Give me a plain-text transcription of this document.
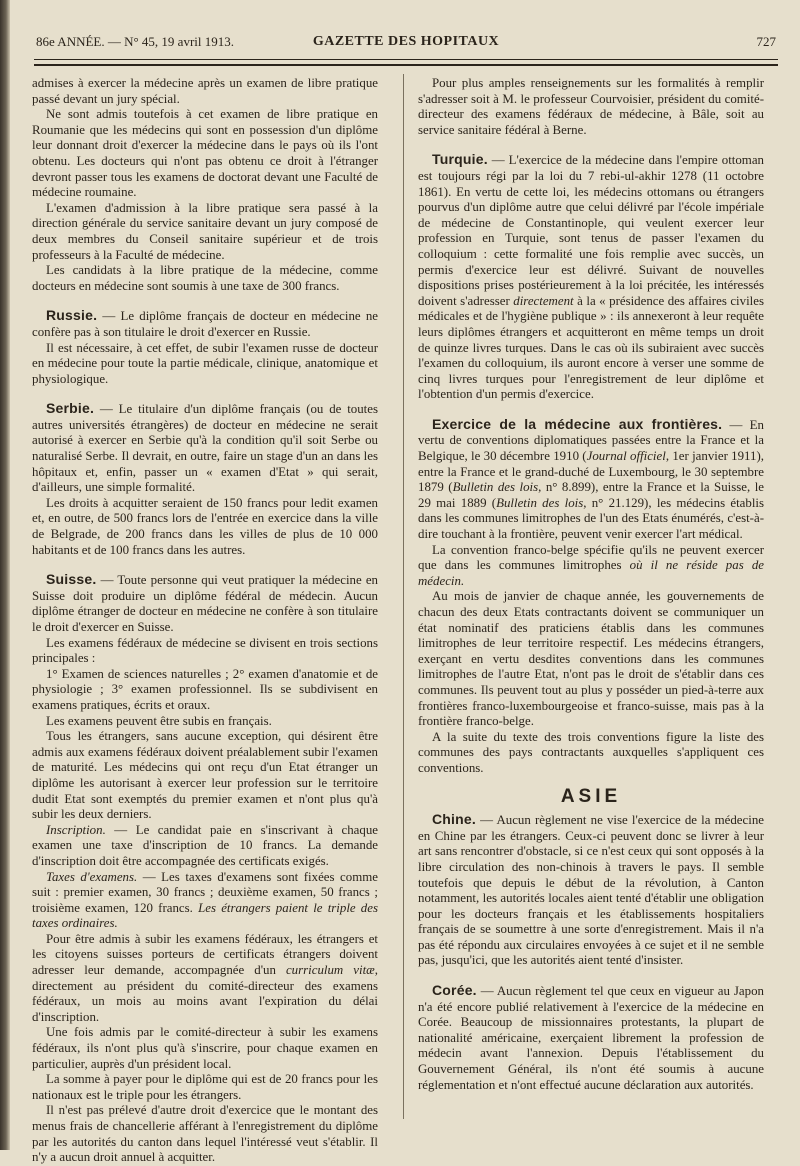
86e ANNÉE. — N° 45, 19 avril 1913.	GAZETTE DES HOPITAUX	727

admises à exercer la médecine après un examen de libre pratique passé devant un jury spécial.

Ne sont admis toutefois à cet examen de libre pratique en Roumanie que les médecins qui sont en possession d'un diplôme leur donnant droit d'exercer la médecine dans le pays où ils l'ont obtenu. Les docteurs qui n'ont pas obtenu ce droit à l'étranger devront passer tous les examens de doctorat devant une Faculté de médecine roumaine.

L'examen d'admission à la libre pratique sera passé à la direction générale du service sanitaire devant un jury composé de deux membres du Conseil sanitaire supérieur et de trois professeurs à la Faculté de médecine.

Les candidats à la libre pratique de la médecine, comme docteurs en médecine sont soumis à une taxe de 300 francs.

Russie. — Le diplôme français de docteur en médecine ne confère pas à son titulaire le droit d'exercer en Russie.

Il est nécessaire, à cet effet, de subir l'examen russe de docteur en médecine pour toute la partie médicale, clinique, anatomique et physiologique.

Serbie. — Le titulaire d'un diplôme français (ou de toutes autres universités étrangères) de docteur en médecine ne serait autorisé à exercer en Serbie qu'à la condition qu'il soit Serbe ou naturalisé Serbe. Il devrait, en outre, faire un stage d'un an dans les hôpitaux et, enfin, passer un « examen d'Etat » qui serait, d'ailleurs, une simple formalité.

Les droits à acquitter seraient de 150 francs pour ledit examen et, en outre, de 500 francs lors de l'entrée en exercice dans la ville de Belgrade, de 200 francs dans les villes de plus de 10 000 habitants et de 100 francs dans les autres.

Suisse. — Toute personne qui veut pratiquer la médecine en Suisse doit produire un diplôme fédéral de médecin. Aucun diplôme étranger de docteur en médecine ne confère à son titulaire le droit d'exercer en Suisse.

Les examens fédéraux de médecine se divisent en trois sections principales :

1° Examen de sciences naturelles ; 2° examen d'anatomie et de physiologie ; 3° examen professionnel. Ils se subdivisent en examens pratiques, écrits et oraux.

Les examens peuvent être subis en français.

Tous les étrangers, sans aucune exception, qui désirent être admis aux examens fédéraux doivent préalablement subir l'examen de maturité. Les médecins qui ont reçu d'un Etat étranger un diplôme les autorisant à exercer leur profession sur le territoire dudit Etat sont exemptés du premier examen et n'ont plus qu'à subir les deux derniers.

Inscription. — Le candidat paie en s'inscrivant à chaque examen une taxe d'inscription de 10 francs. La demande d'inscription doit être accompagnée des certificats exigés.

Taxes d'examens. — Les taxes d'examens sont fixées comme suit : premier examen, 30 francs ; deuxième examen, 50 francs ; troisième examen, 120 francs. Les étrangers paient le triple des taxes ordinaires.

Pour être admis à subir les examens fédéraux, les étrangers et les citoyens suisses porteurs de certificats étrangers doivent adresser leur demande, accompagnée d'un curriculum vitæ, directement au président du comité-directeur des examens fédéraux, un mois au moins avant l'expiration du délai d'inscription.

Une fois admis par le comité-directeur à subir les examens fédéraux, ils n'ont plus qu'à s'inscrire, pour chaque examen en particulier, auprès d'un président local.

La somme à payer pour le diplôme qui est de 20 francs pour les nationaux est le triple pour les étrangers.

Il n'est pas prélevé d'autre droit d'exercice que le montant des menus frais de chancellerie afférant à l'enregistrement du diplôme par les autorités du canton dans lequel l'intéressé veut s'établir. Il n'y a aucun droit annuel à acquitter.

Pour plus amples renseignements sur les formalités à remplir s'adresser soit à M. le professeur Courvoisier, président du comité-directeur des examens fédéraux de médecine, à Bâle, soit au service sanitaire fédéral à Berne.

Turquie. — L'exercice de la médecine dans l'empire ottoman est toujours régi par la loi du 7 rebi-ul-akhir 1278 (11 octobre 1861). En vertu de cette loi, les médecins ottomans ou étrangers pourvus d'un diplôme autre que celui délivré par l'école impériale de médecine de Constantinople, qui veulent exercer leur profession en Turquie, sont tenus de passer l'examen du colloquium : cette formalité une fois remplie avec succès, un permis d'exercice leur est délivré. Suivant de nouvelles dispositions prises postérieurement à la loi précitée, les intéressés doivent s'adresser directement à la « présidence des affaires civiles médicales et de l'hygiène publique » : ils annexeront à leur requête leurs diplômes étrangers et acquitteront en même temps un droit de quinze livres turques. Dans le cas où ils subiraient avec succès l'examen du colloquium, ils auront encore à verser une somme de cinq livres turques pour l'enregistrement de leur diplôme et l'obtention d'un permis d'exercice.

Exercice de la médecine aux frontières. — En vertu de conventions diplomatiques passées entre la France et la Belgique, le 30 décembre 1910 (Journal officiel, 1er janvier 1911), entre la France et le grand-duché de Luxembourg, le 30 septembre 1879 (Bulletin des lois, n° 8.899), entre la France et la Suisse, le 29 mai 1889 (Bulletin des lois, n° 21.129), les médecins établis dans les communes limitrophes de l'un des Etats énumérés, c'est-à-dire touchant à la frontière, peuvent venir exercer l'art médical.

La convention franco-belge spécifie qu'ils ne peuvent exercer que dans les communes limitrophes où il ne réside pas de médecin.

Au mois de janvier de chaque année, les gouvernements de chacun des deux Etats contractants doivent se communiquer un état nominatif des praticiens établis dans les communes limitrophes de leur territoire respectif. Les médecins étrangers, exerçant en vertu desdites conventions dans les communes limitrophes de l'autre Etat, n'ont pas le droit de s'établir dans ces communes. Ils peuvent tout au plus y posséder un pied-à-terre aux frontières franco-luxembourgeoise et franco-suisse, mais pas à la frontière franco-belge.

A la suite du texte des trois conventions figure la liste des communes des pays contractants auxquelles s'appliquent ces conventions.

ASIE

Chine. — Aucun règlement ne vise l'exercice de la médecine en Chine par les étrangers. Ceux-ci peuvent donc se livrer à leur art sans rencontrer d'obstacle, si ce n'est ceux qui sont opposés à la libre circulation des non-chinois à travers le pays. Il semble toutefois que depuis le début de la révolution, à Canton notamment, les autorités locales aient tenté d'établir une obligation pour les docteurs français et les établissements hospitaliers français de se soumettre à une sorte d'enregistrement. Mais il n'a pas été répondu aux circulaires envoyées à ce sujet et il ne semble pas, jusqu'ici, que les autorités aient tenté d'insister.

Corée. — Aucun règlement tel que ceux en vigueur au Japon n'a été encore publié relativement à l'exercice de la médecine en Corée. Beaucoup de missionnaires protestants, la plupart de nationalité américaine, exerçaient librement la profession de médecin avant l'annexion. Depuis l'établissement du Gouvernement Général, ils n'ont été soumis à aucune réglementation et n'ont effectué aucune déclaration aux autorités.
